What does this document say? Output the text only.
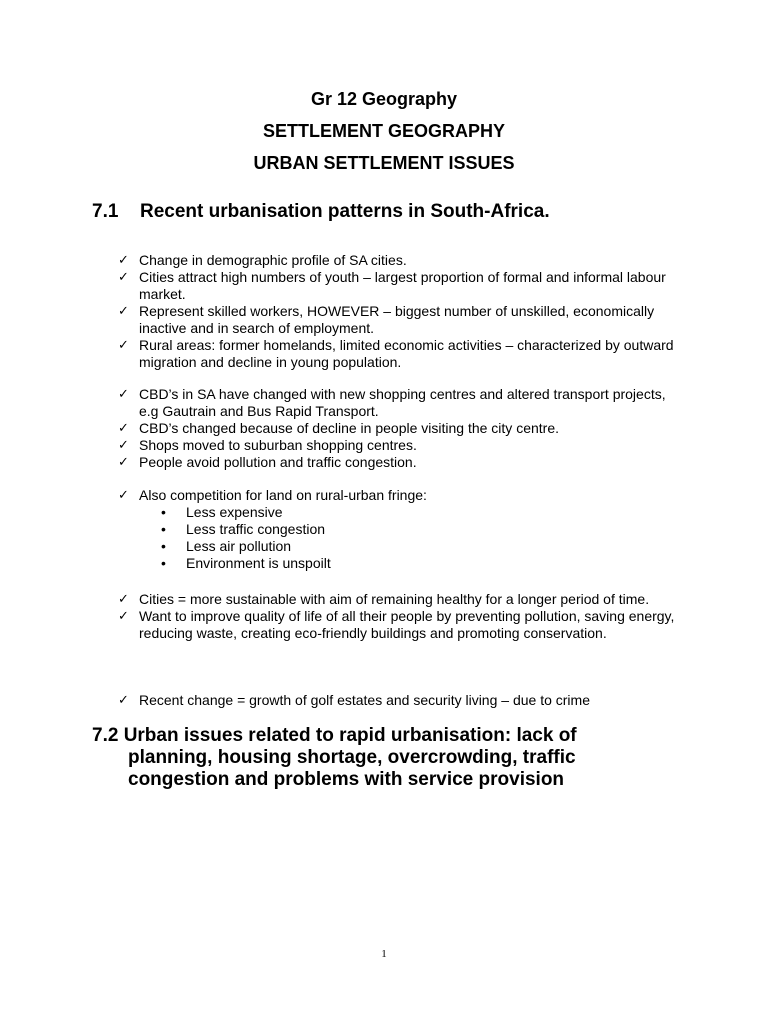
Gr 12 Geography
SETTLEMENT GEOGRAPHY
URBAN SETTLEMENT ISSUES
7.1 Recent urbanisation patterns in South-Africa.
✓ Change in demographic profile of SA cities.
✓ Cities attract high numbers of youth – largest proportion of formal and informal labour market.
✓ Represent skilled workers, HOWEVER – biggest number of unskilled, economically inactive and in search of employment.
✓ Rural areas: former homelands, limited economic activities – characterized by outward migration and decline in young population.
✓ CBD’s in SA have changed with new shopping centres and altered transport projects, e.g Gautrain and Bus Rapid Transport.
✓ CBD’s changed because of decline in people visiting the city centre.
✓ Shops moved to suburban shopping centres.
✓ People avoid pollution and traffic congestion.
✓ Also competition for land on rural-urban fringe:
• Less expensive
• Less traffic congestion
• Less air pollution
• Environment is unspoilt
✓ Cities = more sustainable with aim of remaining healthy for a longer period of time.
✓ Want to improve quality of life of all their people by preventing pollution, saving energy, reducing waste, creating eco-friendly buildings and promoting conservation.
✓ Recent change = growth of golf estates and security living – due to crime
7.2 Urban issues related to rapid urbanisation: lack of
planning, housing shortage, overcrowding, traffic
congestion and problems with service provision
1
